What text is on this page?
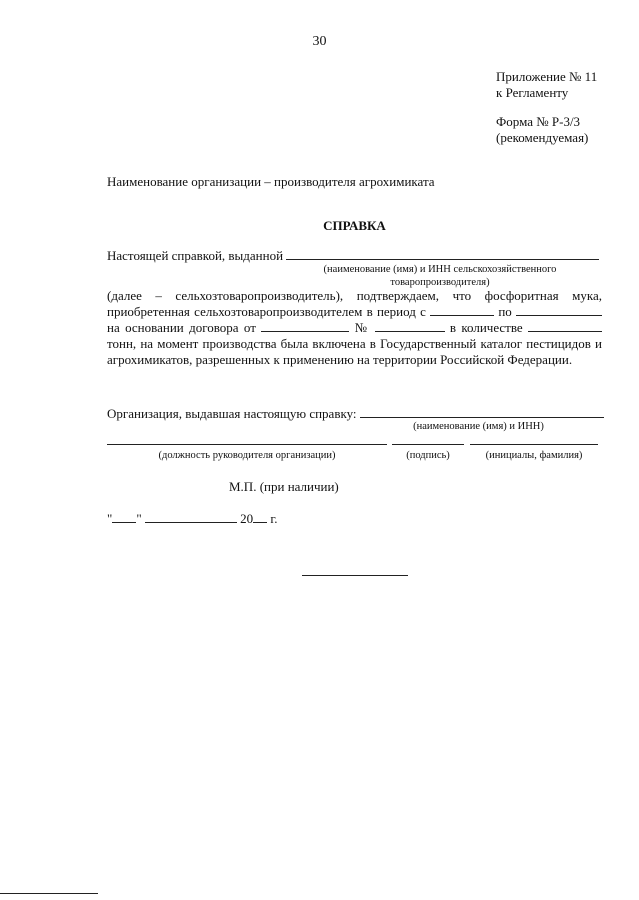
30
Приложение № 11
к Регламенту
Форма № Р-3/3
(рекомендуемая)
Наименование организации – производителя агрохимиката
СПРАВКА
Настоящей справкой, выданной
(наименование (имя) и ИНН сельскохозяйственного товаропроизводителя)
(далее – сельхозтоваропроизводитель), подтверждаем, что фосфоритная мука, приобретенная сельхозтоваропроизводителем в период с	по  на основании договора от	№	в количестве  тонн, на момент производства была включена в Государственный каталог пестицидов и агрохимикатов, разрешенных к применению на территории Российской Федерации.
Организация, выдавшая настоящую справку:
(наименование (имя) и ИНН)
(должность руководителя организации)	(подпись)	(инициалы, фамилия)
М.П. (при наличии)
" "	20 г.
